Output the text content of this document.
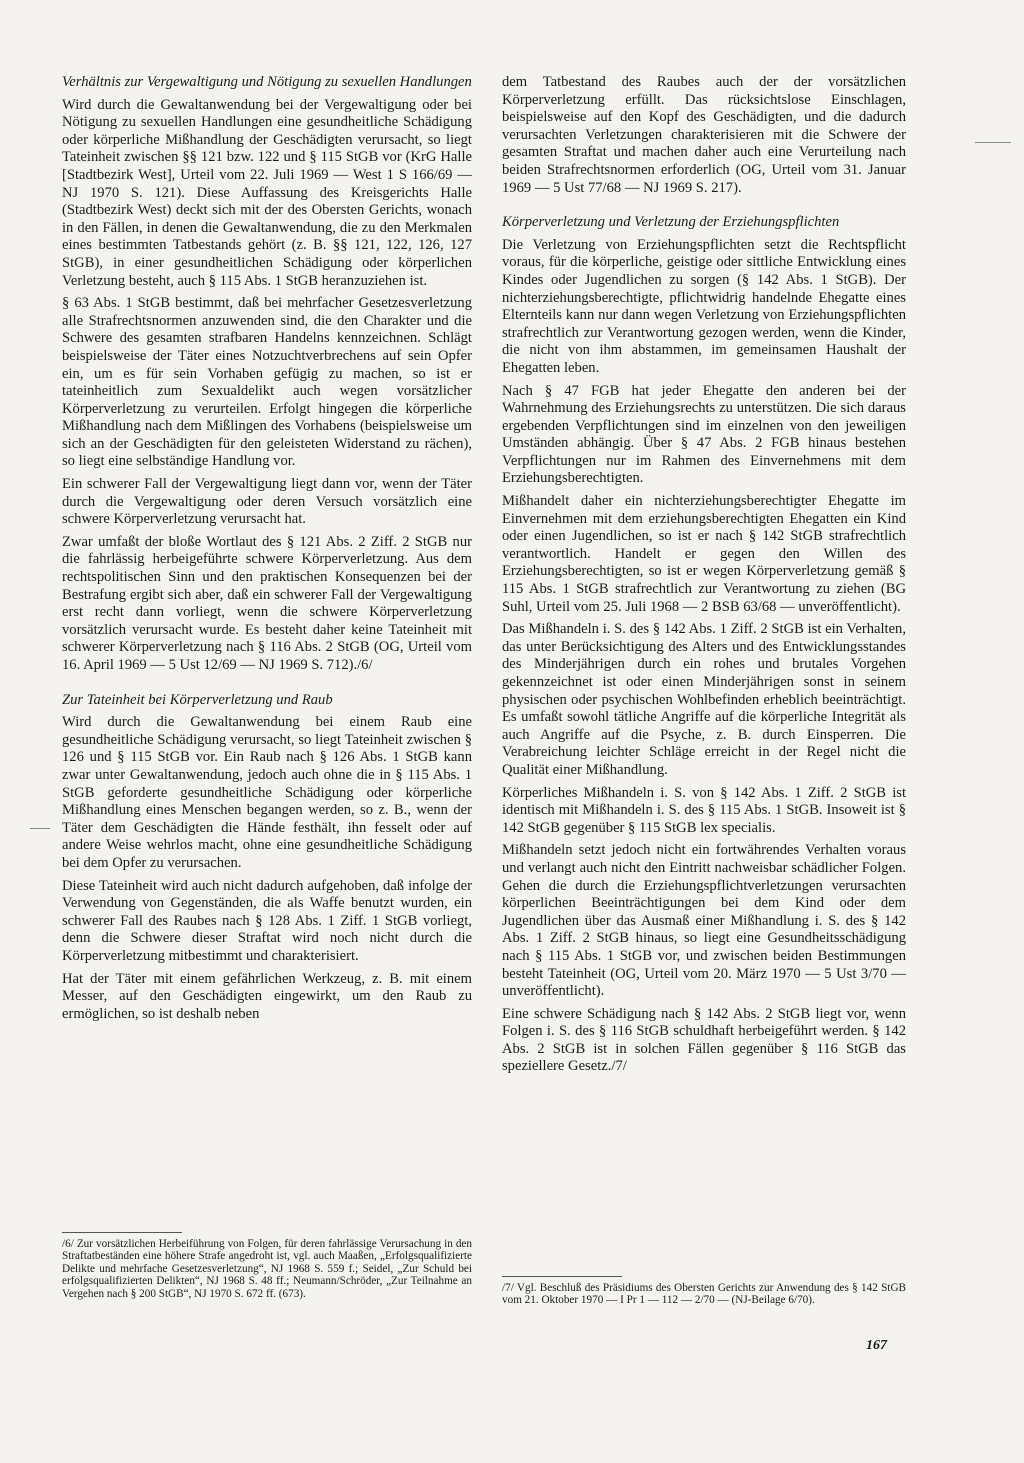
Verhältnis zur Vergewaltigung und Nötigung zu sexuellen Handlungen

Wird durch die Gewaltanwendung bei der Vergewaltigung oder bei Nötigung zu sexuellen Handlungen eine gesundheitliche Schädigung oder körperliche Mißhandlung der Geschädigten verursacht, so liegt Tateinheit zwischen §§ 121 bzw. 122 und § 115 StGB vor (KrG Halle [Stadtbezirk West], Urteil vom 22. Juli 1969 — West 1 S 166/69 — NJ 1970 S. 121). Diese Auffassung des Kreisgerichts Halle (Stadtbezirk West) deckt sich mit der des Obersten Gerichts, wonach in den Fällen, in denen die Gewaltanwendung, die zu den Merkmalen eines bestimmten Tatbestands gehört (z. B. §§ 121, 122, 126, 127 StGB), in einer gesundheitlichen Schädigung oder körperlichen Verletzung besteht, auch § 115 Abs. 1 StGB heranzuziehen ist.

§ 63 Abs. 1 StGB bestimmt, daß bei mehrfacher Gesetzesverletzung alle Strafrechtsnormen anzuwenden sind, die den Charakter und die Schwere des gesamten strafbaren Handelns kennzeichnen. Schlägt beispielsweise der Täter eines Notzuchtverbrechens auf sein Opfer ein, um es für sein Vorhaben gefügig zu machen, so ist er tateinheitlich zum Sexualdelikt auch wegen vorsätzlicher Körperverletzung zu verurteilen. Erfolgt hingegen die körperliche Mißhandlung nach dem Mißlingen des Vorhabens (beispielsweise um sich an der Geschädigten für den geleisteten Widerstand zu rächen), so liegt eine selbständige Handlung vor.

Ein schwerer Fall der Vergewaltigung liegt dann vor, wenn der Täter durch die Vergewaltigung oder deren Versuch vorsätzlich eine schwere Körperverletzung verursacht hat.

Zwar umfaßt der bloße Wortlaut des § 121 Abs. 2 Ziff. 2 StGB nur die fahrlässig herbeigeführte schwere Körperverletzung. Aus dem rechtspolitischen Sinn und den praktischen Konsequenzen bei der Bestrafung ergibt sich aber, daß ein schwerer Fall der Vergewaltigung erst recht dann vorliegt, wenn die schwere Körperverletzung vorsätzlich verursacht wurde. Es besteht daher keine Tateinheit mit schwerer Körperverletzung nach § 116 Abs. 2 StGB (OG, Urteil vom 16. April 1969 — 5 Ust 12/69 — NJ 1969 S. 712)./6/

Zur Tateinheit bei Körperverletzung und Raub

Wird durch die Gewaltanwendung bei einem Raub eine gesundheitliche Schädigung verursacht, so liegt Tateinheit zwischen § 126 und § 115 StGB vor. Ein Raub nach § 126 Abs. 1 StGB kann zwar unter Gewaltanwendung, jedoch auch ohne die in § 115 Abs. 1 StGB geforderte gesundheitliche Schädigung oder körperliche Mißhandlung eines Menschen begangen werden, so z. B., wenn der Täter dem Geschädigten die Hände festhält, ihn fesselt oder auf andere Weise wehrlos macht, ohne eine gesundheitliche Schädigung bei dem Opfer zu verursachen.

Diese Tateinheit wird auch nicht dadurch aufgehoben, daß infolge der Verwendung von Gegenständen, die als Waffe benutzt wurden, ein schwerer Fall des Raubes nach § 128 Abs. 1 Ziff. 1 StGB vorliegt, denn die Schwere dieser Straftat wird noch nicht durch die Körperverletzung mitbestimmt und charakterisiert.

Hat der Täter mit einem gefährlichen Werkzeug, z. B. mit einem Messer, auf den Geschädigten eingewirkt, um den Raub zu ermöglichen, so ist deshalb neben

dem Tatbestand des Raubes auch der der vorsätzlichen Körperverletzung erfüllt. Das rücksichtslose Einschlagen, beispielsweise auf den Kopf des Geschädigten, und die dadurch verursachten Verletzungen charakterisieren mit die Schwere der gesamten Straftat und machen daher auch eine Verurteilung nach beiden Strafrechtsnormen erforderlich (OG, Urteil vom 31. Januar 1969 — 5 Ust 77/68 — NJ 1969 S. 217).

Körperverletzung und Verletzung der Erziehungspflichten

Die Verletzung von Erziehungspflichten setzt die Rechtspflicht voraus, für die körperliche, geistige oder sittliche Entwicklung eines Kindes oder Jugendlichen zu sorgen (§ 142 Abs. 1 StGB). Der nichterziehungsberechtigte, pflichtwidrig handelnde Ehegatte eines Elternteils kann nur dann wegen Verletzung von Erziehungspflichten strafrechtlich zur Verantwortung gezogen werden, wenn die Kinder, die nicht von ihm abstammen, im gemeinsamen Haushalt der Ehegatten leben.

Nach § 47 FGB hat jeder Ehegatte den anderen bei der Wahrnehmung des Erziehungsrechts zu unterstützen. Die sich daraus ergebenden Verpflichtungen sind im einzelnen von den jeweiligen Umständen abhängig. Über § 47 Abs. 2 FGB hinaus bestehen Verpflichtungen nur im Rahmen des Einvernehmens mit dem Erziehungsberechtigten.

Mißhandelt daher ein nichterziehungsberechtigter Ehegatte im Einvernehmen mit dem erziehungsberechtigten Ehegatten ein Kind oder einen Jugendlichen, so ist er nach § 142 StGB strafrechtlich verantwortlich. Handelt er gegen den Willen des Erziehungsberechtigten, so ist er wegen Körperverletzung gemäß § 115 Abs. 1 StGB strafrechtlich zur Verantwortung zu ziehen (BG Suhl, Urteil vom 25. Juli 1968 — 2 BSB 63/68 — unveröffentlicht).

Das Mißhandeln i. S. des § 142 Abs. 1 Ziff. 2 StGB ist ein Verhalten, das unter Berücksichtigung des Alters und des Entwicklungsstandes des Minderjährigen durch ein rohes und brutales Vorgehen gekennzeichnet ist oder einen Minderjährigen sonst in seinem physischen oder psychischen Wohlbefinden erheblich beeinträchtigt. Es umfaßt sowohl tätliche Angriffe auf die körperliche Integrität als auch Angriffe auf die Psyche, z. B. durch Einsperren. Die Verabreichung leichter Schläge erreicht in der Regel nicht die Qualität einer Mißhandlung.

Körperliches Mißhandeln i. S. von § 142 Abs. 1 Ziff. 2 StGB ist identisch mit Mißhandeln i. S. des § 115 Abs. 1 StGB. Insoweit ist § 142 StGB gegenüber § 115 StGB lex specialis.

Mißhandeln setzt jedoch nicht ein fortwährendes Verhalten voraus und verlangt auch nicht den Eintritt nachweisbar schädlicher Folgen. Gehen die durch die Erziehungspflichtverletzungen verursachten körperlichen Beeinträchtigungen bei dem Kind oder dem Jugendlichen über das Ausmaß einer Mißhandlung i. S. des § 142 Abs. 1 Ziff. 2 StGB hinaus, so liegt eine Gesundheitsschädigung nach § 115 Abs. 1 StGB vor, und zwischen beiden Bestimmungen besteht Tateinheit (OG, Urteil vom 20. März 1970 — 5 Ust 3/70 — unveröffentlicht).

Eine schwere Schädigung nach § 142 Abs. 2 StGB liegt vor, wenn Folgen i. S. des § 116 StGB schuldhaft herbeigeführt werden. § 142 Abs. 2 StGB ist in solchen Fällen gegenüber § 116 StGB das speziellere Gesetz./7/

/6/ Zur vorsätzlichen Herbeiführung von Folgen, für deren fahrlässige Verursachung in den Straftatbeständen eine höhere Strafe angedroht ist, vgl. auch Maaßen, „Erfolgsqualifizierte Delikte und mehrfache Gesetzesverletzung“, NJ 1968 S. 559 f.; Seidel, „Zur Schuld bei erfolgsqualifizierten Delikten“, NJ 1968 S. 48 ff.; Neumann/Schröder, „Zur Teilnahme an Vergehen nach § 200 StGB“, NJ 1970 S. 672 ff. (673).	/7/ Vgl. Beschluß des Präsidiums des Obersten Gerichts zur Anwendung des § 142 StGB vom 21. Oktober 1970 — I Pr 1 — 112 — 2/70 — (NJ-Beilage 6/70).
167
